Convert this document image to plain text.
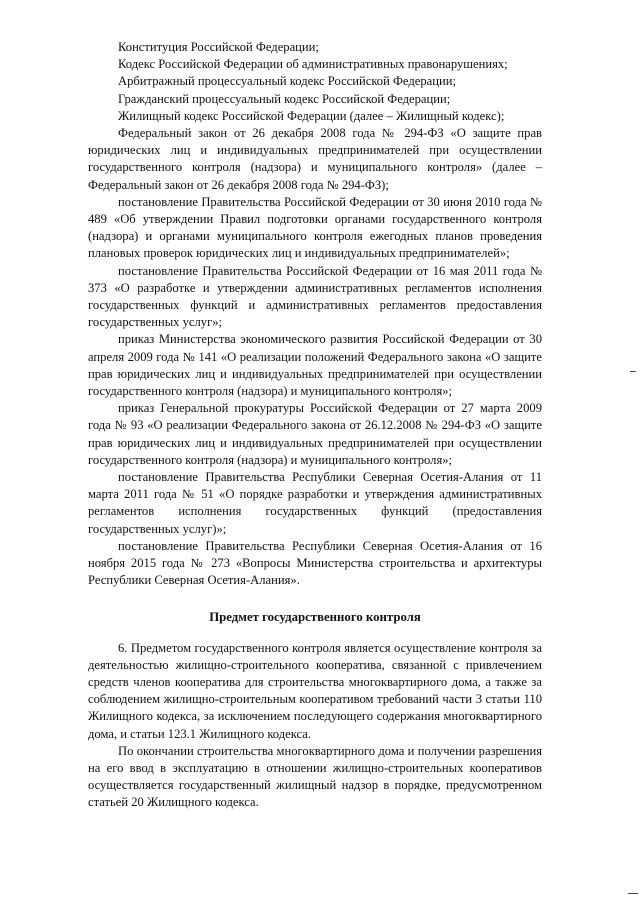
Конституция Российской Федерации;

Кодекс Российской Федерации об административных правонарушениях;

Арбитражный процессуальный кодекс Российской Федерации;

Гражданский процессуальный кодекс Российской Федерации;

Жилищный кодекс Российской Федерации (далее – Жилищный кодекс);

Федеральный закон от 26 декабря 2008 года № 294-ФЗ «О защите прав юридических лиц и индивидуальных предпринимателей при осуществлении государственного контроля (надзора) и муниципального контроля» (далее – Федеральный закон от 26 декабря 2008 года № 294-ФЗ);

постановление Правительства Российской Федерации от 30 июня 2010 года № 489 «Об утверждении Правил подготовки органами государственного контроля (надзора) и органами муниципального контроля ежегодных планов проведения плановых проверок юридических лиц и индивидуальных предпринимателей»;

постановление Правительства Российской Федерации от 16 мая 2011 года № 373 «О разработке и утверждении административных регламентов исполнения государственных функций и административных регламентов предоставления государственных услуг»;

приказ Министерства экономического развития Российской Федерации от 30 апреля 2009 года № 141 «О реализации положений Федерального закона «О защите прав юридических лиц и индивидуальных предпринимателей при осуществлении государственного контроля (надзора) и муниципального контроля»;

приказ Генеральной прокуратуры Российской Федерации от 27 марта 2009 года № 93 «О реализации Федерального закона от 26.12.2008 № 294-ФЗ «О защите прав юридических лиц и индивидуальных предпринимателей при осуществлении государственного контроля (надзора) и муниципального контроля»;

постановление Правительства Республики Северная Осетия-Алания от 11 марта 2011 года № 51 «О порядке разработки и утверждения административных регламентов исполнения государственных функций (предоставления государственных услуг)»;

постановление Правительства Республики Северная Осетия-Алания от 16 ноября 2015 года № 273 «Вопросы Министерства строительства и архитектуры Республики Северная Осетия-Алания».

Предмет государственного контроля

6. Предметом государственного контроля является осуществление контроля за деятельностью жилищно-строительного кооператива, связанной с привлечением средств членов кооператива для строительства многоквартирного дома, а также за соблюдением жилищно-строительным кооперативом требований части 3 статьи 110 Жилищного кодекса, за исключением последующего содержания многоквартирного дома, и статьи 123.1 Жилищного кодекса.

По окончании строительства многоквартирного дома и получении разрешения на его ввод в эксплуатацию в отношении жилищно-строительных кооперативов осуществляется государственный жилищный надзор в порядке, предусмотренном статьей 20 Жилищного кодекса.
